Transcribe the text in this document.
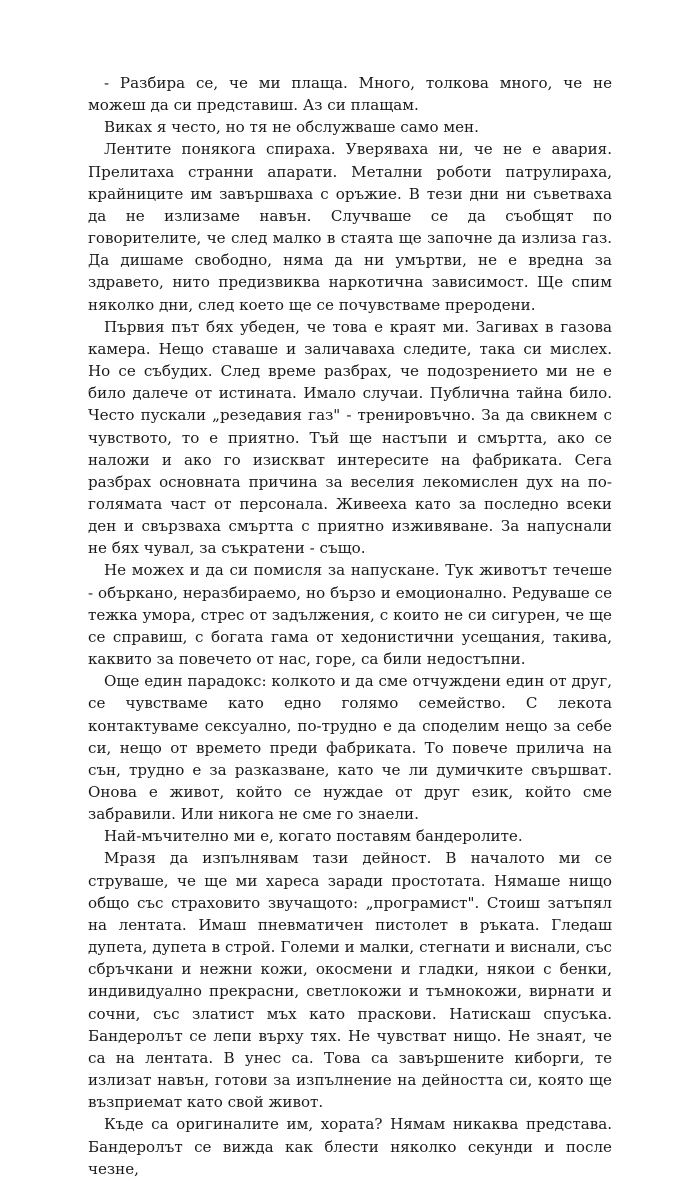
- Разбира се, че ми плаща. Много, толкова много, че не можеш да си представиш. Аз си плащам.

Виках я често, но тя не обслужваше само мен.

Лентите понякога спираха. Уверяваха ни, че не е авария. Прелитаха странни апарати. Метални роботи патрулираха, крайниците им завършваха с оръжие. В тези дни ни съветваха да не излизаме навън. Случваше се да съобщят по говорителите, че след малко в стаята ще започне да излиза газ. Да дишаме свободно, няма да ни умъртви, не е вредна за здравето, нито предизвиква наркотична зависимост. Ще спим няколко дни, след което ще се почувстваме преродени.

Първия път бях убеден, че това е краят ми. Загивах в газова камера. Нещо ставаше и заличаваха следите, така си мислех. Но се събудих. След време разбрах, че подозрението ми не е било далече от истината. Имало случаи. Публична тайна било. Често пускали „резедавия газ" - тренировъчно. За да свикнем с чувството, то е приятно. Тъй ще настъпи и смъртта, ако се наложи и ако го изискват интересите на фабриката. Сега разбрах основната причина за веселия лекомислен дух на по-голямата част от персонала. Живееха като за последно всеки ден и свързваха смъртта с приятно изживяване. За напуснали не бях чувал, за съкратени - също.

Не можех и да си помисля за напускане. Тук животът течеше - объркано, неразбираемо, но бързо и емоционално. Редуваше се тежка умора, стрес от задължения, с които не си сигурен, че ще се справиш, с богата гама от хедонистични усещания, такива, каквито за повечето от нас, горе, са били недостъпни.

Още един парадокс: колкото и да сме отчуждени един от друг, се чувстваме като едно голямо семейство. С лекота контактуваме сексуално, по-трудно е да споделим нещо за себе си, нещо от времето преди фабриката. То повече прилича на сън, трудно е за разказване, като че ли думичките свършват. Онова е живот, който се нуждае от друг език, който сме забравили. Или никога не сме го знаели.

Най-мъчително ми е, когато поставям бандеролите.

Мразя да изпълнявам тази дейност. В началото ми се струваше, че ще ми хареса заради простотата. Нямаше нищо общо със страховито звучащото: „програмист". Стоиш затъпял на лентата. Имаш пневматичен пистолет в ръката. Гледаш дупета, дупета в строй. Големи и малки, стегнати и виснали, със сбръчкани и нежни кожи, окосмени и гладки, някои с бенки, индивидуално прекрасни, светлокожи и тъмнокожи, вирнати и сочни, със златист мъх като праскови. Натискаш спусъка. Бандеролът се лепи върху тях. Не чувстват нищо. Не знаят, че са на лентата. В унес са. Това са завършените киборги, те излизат навън, готови за изпълнение на дейността си, която ще възприемат като свой живот.

Къде са оригиналите им, хората? Нямам никаква представа. Бандеролът се вижда как блести няколко секунди и после чезне,
